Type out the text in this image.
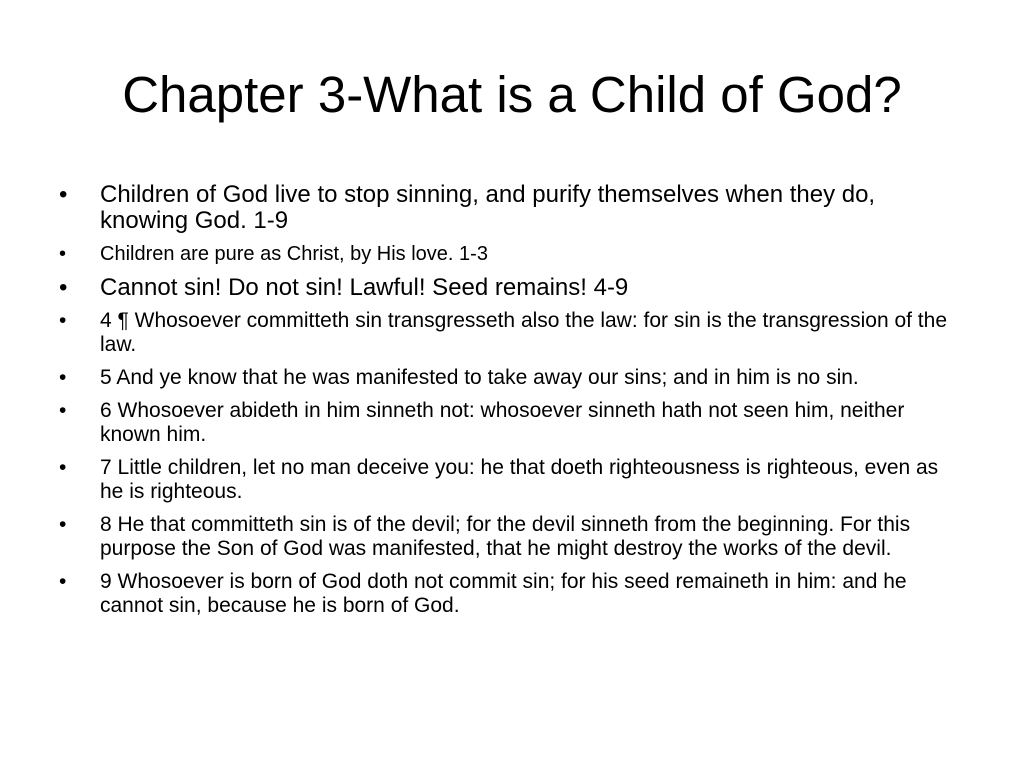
Chapter 3-What is a Child of God?
• Children of God live to stop sinning, and purify themselves when they do, knowing God. 1-9
• Children are pure as Christ, by His love. 1-3
• Cannot sin! Do not sin! Lawful! Seed remains! 4-9
• 4 ¶ Whosoever committeth sin transgresseth also the law: for sin is the transgression of the law.
• 5 And ye know that he was manifested to take away our sins; and in him is no sin.
• 6 Whosoever abideth in him sinneth not: whosoever sinneth hath not seen him, neither known him.
• 7 Little children, let no man deceive you: he that doeth righteousness is righteous, even as he is righteous.
• 8 He that committeth sin is of the devil; for the devil sinneth from the beginning. For this purpose the Son of God was manifested, that he might destroy the works of the devil.
• 9 Whosoever is born of God doth not commit sin; for his seed remaineth in him: and he cannot sin, because he is born of God.
